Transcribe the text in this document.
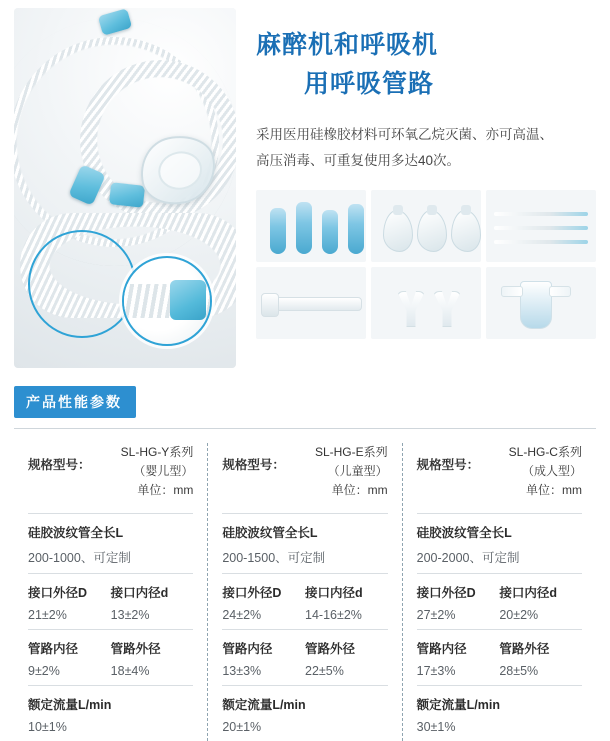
麻醉机和呼吸机
用呼吸管路
采用医用硅橡胶材料可环氧乙烷灭菌、亦可高温、
高压消毒、可重复使用多达40次。
产品性能参数
规格型号：
SL-HG-Y系列
（婴儿型）
单位：mm
硅胶波纹管全长L
200-1000、可定制
接口外径D
21±2%
接口内径d
13±2%
管路内径
9±2%
管路外径
18±4%
额定流量L/min
10±1%
规格型号：
SL-HG-E系列
（儿童型）
单位：mm
硅胶波纹管全长L
200-1500、可定制
接口外径D
24±2%
接口内径d
14-16±2%
管路内径
13±3%
管路外径
22±5%
额定流量L/min
20±1%
规格型号：
SL-HG-C系列
（成人型）
单位：mm
硅胶波纹管全长L
200-2000、可定制
接口外径D
27±2%
接口内径d
20±2%
管路内径
17±3%
管路外径
28±5%
额定流量L/min
30±1%
